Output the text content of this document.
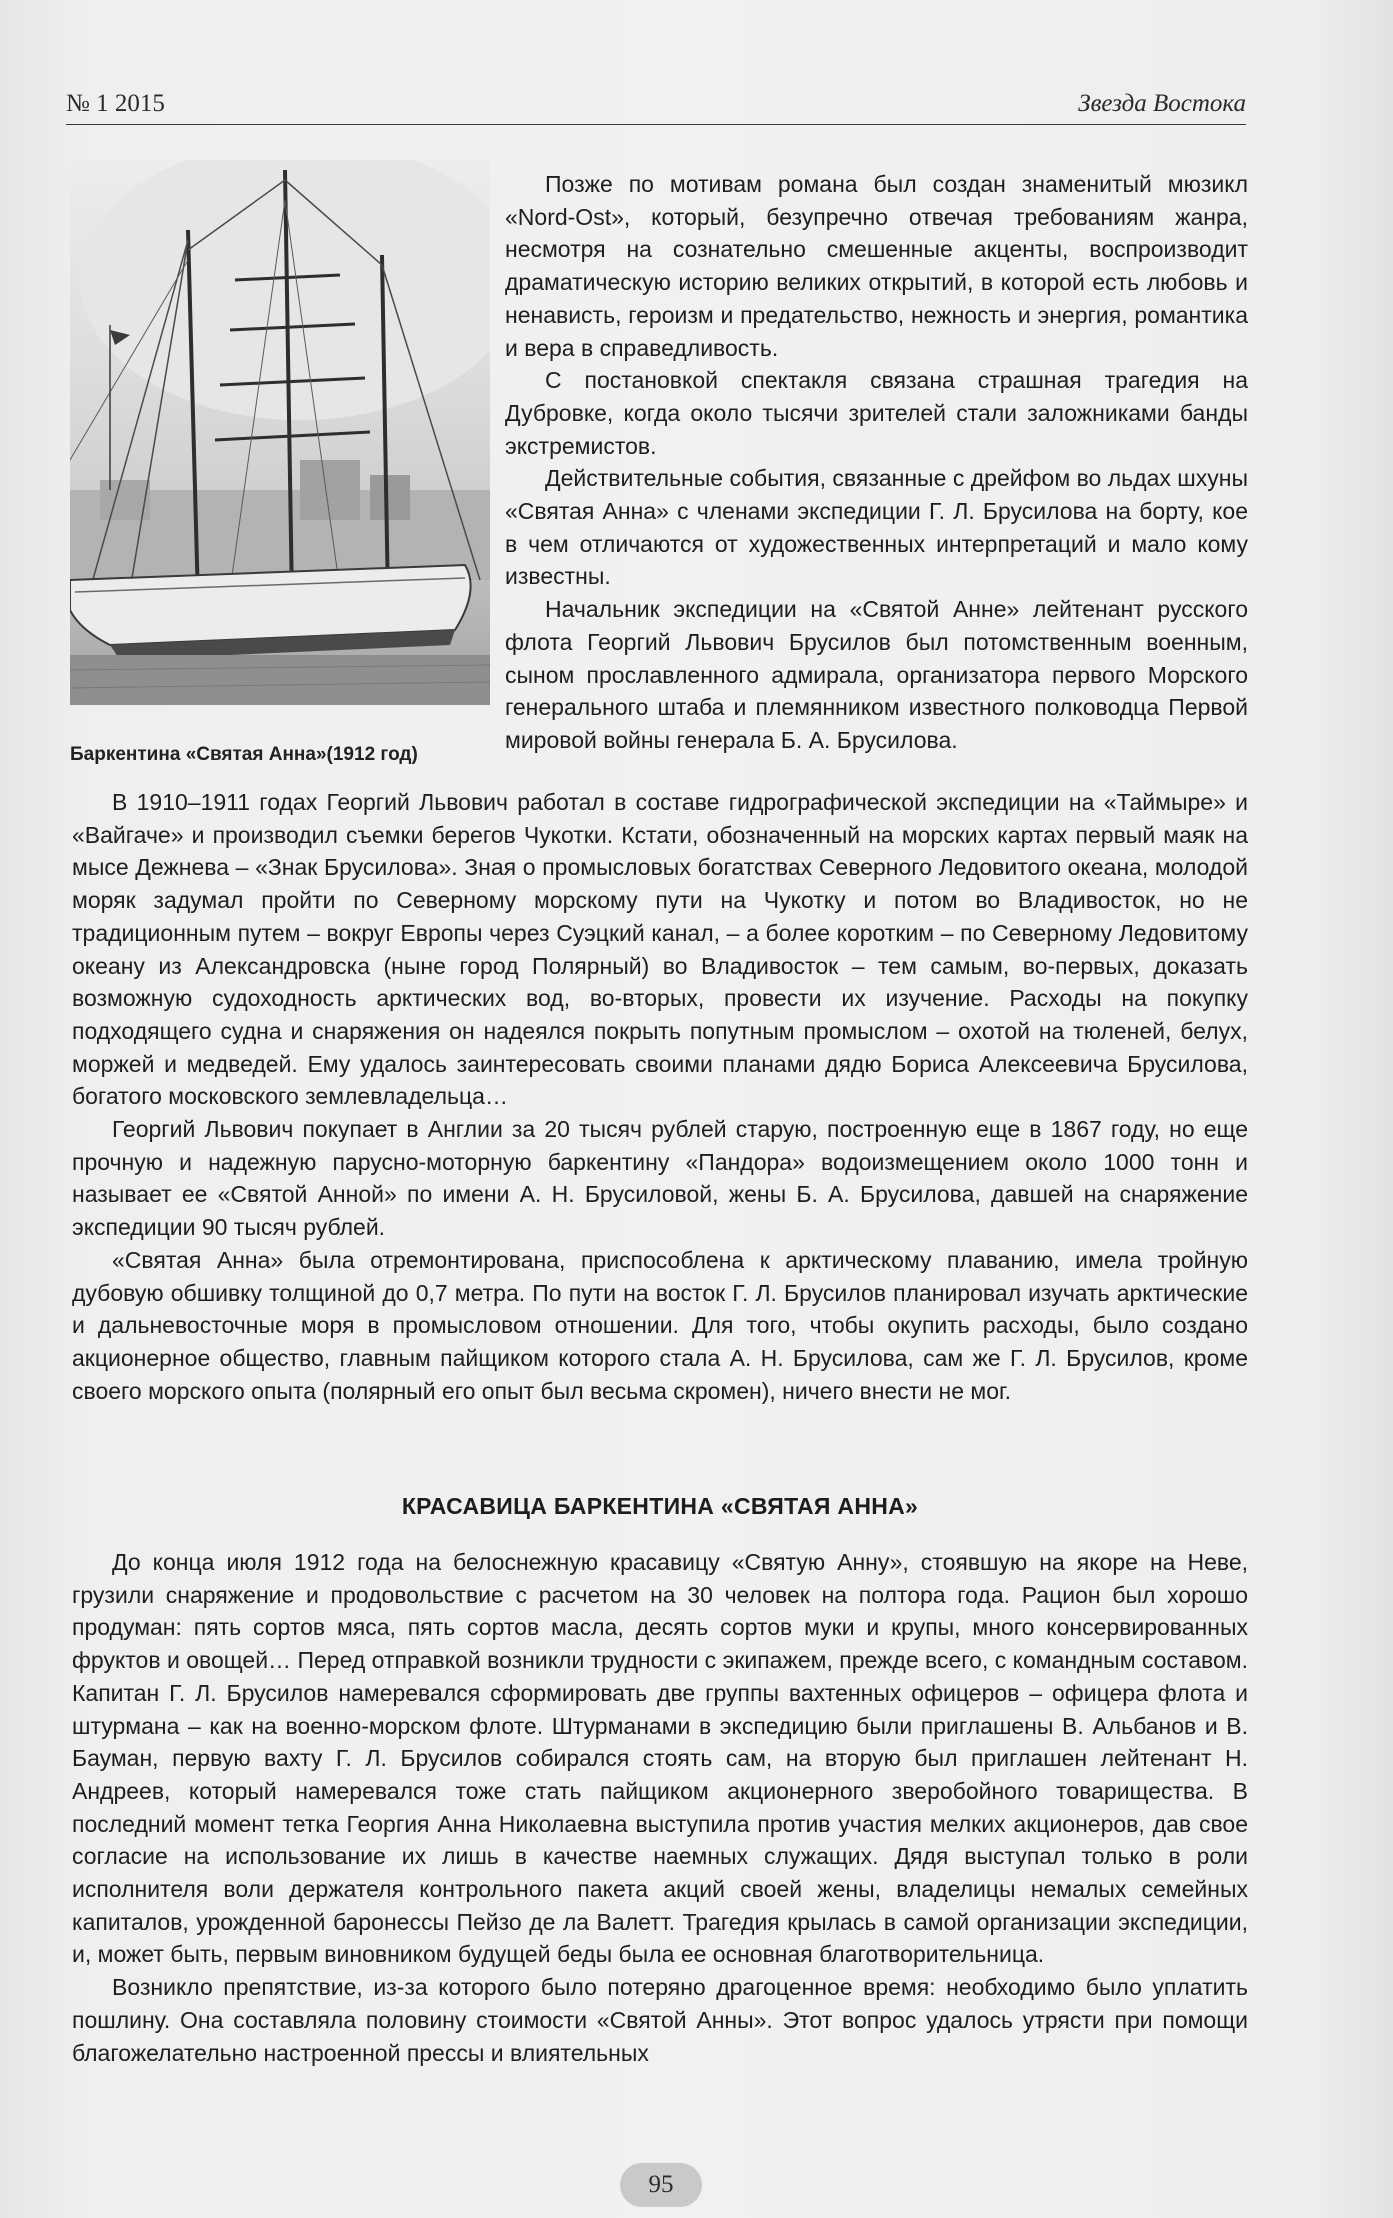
№ 1 2015	Звезда Востока
Баркентина «Святая Анна»(1912 год)

Позже по мотивам романа был создан знаменитый мюзикл «Nord-Ost», который, безупречно отвечая требованиям жанра, несмотря на сознательно смешенные акценты, воспроизводит драматическую историю великих открытий, в которой есть любовь и ненависть, героизм и предательство, нежность и энергия, романтика и вера в справедливость.

С постановкой спектакля связана страшная трагедия на Дубровке, когда около тысячи зрителей стали заложниками банды экстремистов.

Действительные события, связанные с дрейфом во льдах шхуны «Святая Анна» с членами экспедиции Г. Л. Брусилова на борту, кое в чем отличаются от художественных интерпретаций и мало кому известны.

Начальник экспедиции на «Святой Анне» лейтенант русского флота Георгий Львович Брусилов был потомственным военным, сыном прославленного адмирала, организатора первого Морского генерального штаба и племянником известного полководца Первой мировой войны генерала Б. А. Брусилова.

В 1910–1911 годах Георгий Львович работал в составе гидрографической экспедиции на «Таймыре» и «Вайгаче» и производил съемки берегов Чукотки. Кстати, обозначенный на морских картах первый маяк на мысе Дежнева – «Знак Брусилова». Зная о промысловых богатствах Северного Ледовитого океана, молодой моряк задумал пройти по Северному морскому пути на Чукотку и потом во Владивосток, но не традиционным путем – вокруг Европы через Суэцкий канал, – а более коротким – по Северному Ледовитому океану из Александровска (ныне город Полярный) во Владивосток – тем самым, во-первых, доказать возможную судоходность арктических вод, во-вторых, провести их изучение. Расходы на покупку подходящего судна и снаряжения он надеялся покрыть попутным промыслом – охотой на тюленей, белух, моржей и медведей. Ему удалось заинтересовать своими планами дядю Бориса Алексеевича Брусилова, богатого московского землевладельца…

Георгий Львович покупает в Англии за 20 тысяч рублей старую, построенную еще в 1867 году, но еще прочную и надежную парусно-моторную баркентину «Пандора» водоизмещением около 1000 тонн и называет ее «Святой Анной» по имени А. Н. Брусиловой, жены Б. А. Брусилова, давшей на снаряжение экспедиции 90 тысяч рублей.

«Святая Анна» была отремонтирована, приспособлена к арктическому плаванию, имела тройную дубовую обшивку толщиной до 0,7 метра. По пути на восток Г. Л. Брусилов планировал изучать арктические и дальневосточные моря в промысловом отношении. Для того, чтобы окупить расходы, было создано акционерное общество, главным пайщиком которого стала А. Н. Брусилова, сам же Г. Л. Брусилов, кроме своего морского опыта (полярный его опыт был весьма скромен), ничего внести не мог.

КРАСАВИЦА БАРКЕНТИНА «СВЯТАЯ АННА»

До конца июля 1912 года на белоснежную красавицу «Святую Анну», стоявшую на якоре на Неве, грузили снаряжение и продовольствие с расчетом на 30 человек на полтора года. Рацион был хорошо продуман: пять сортов мяса, пять сортов масла, десять сортов муки и крупы, много консервированных фруктов и овощей… Перед отправкой возникли трудности с экипажем, прежде всего, с командным составом. Капитан Г. Л. Брусилов намеревался сформировать две группы вахтенных офицеров – офицера флота и штурмана – как на военно-морском флоте. Штурманами в экспедицию были приглашены В. Альбанов и В. Бауман, первую вахту Г. Л. Брусилов собирался стоять сам, на вторую был приглашен лейтенант Н. Андреев, который намеревался тоже стать пайщиком акционерного зверобойного товарищества. В последний момент тетка Георгия Анна Николаевна выступила против участия мелких акционеров, дав свое согласие на использование их лишь в качестве наемных служащих. Дядя выступал только в роли исполнителя воли держателя контрольного пакета акций своей жены, владелицы немалых семейных капиталов, урожденной баронессы Пейзо де ла Валетт. Трагедия крылась в самой организации экспедиции, и, может быть, первым виновником будущей беды была ее основная благотворительница.

Возникло препятствие, из-за которого было потеряно драгоценное время: необходимо было уплатить пошлину. Она составляла половину стоимости «Святой Анны». Этот вопрос удалось утрясти при помощи благожелательно настроенной прессы и влиятельных

95
